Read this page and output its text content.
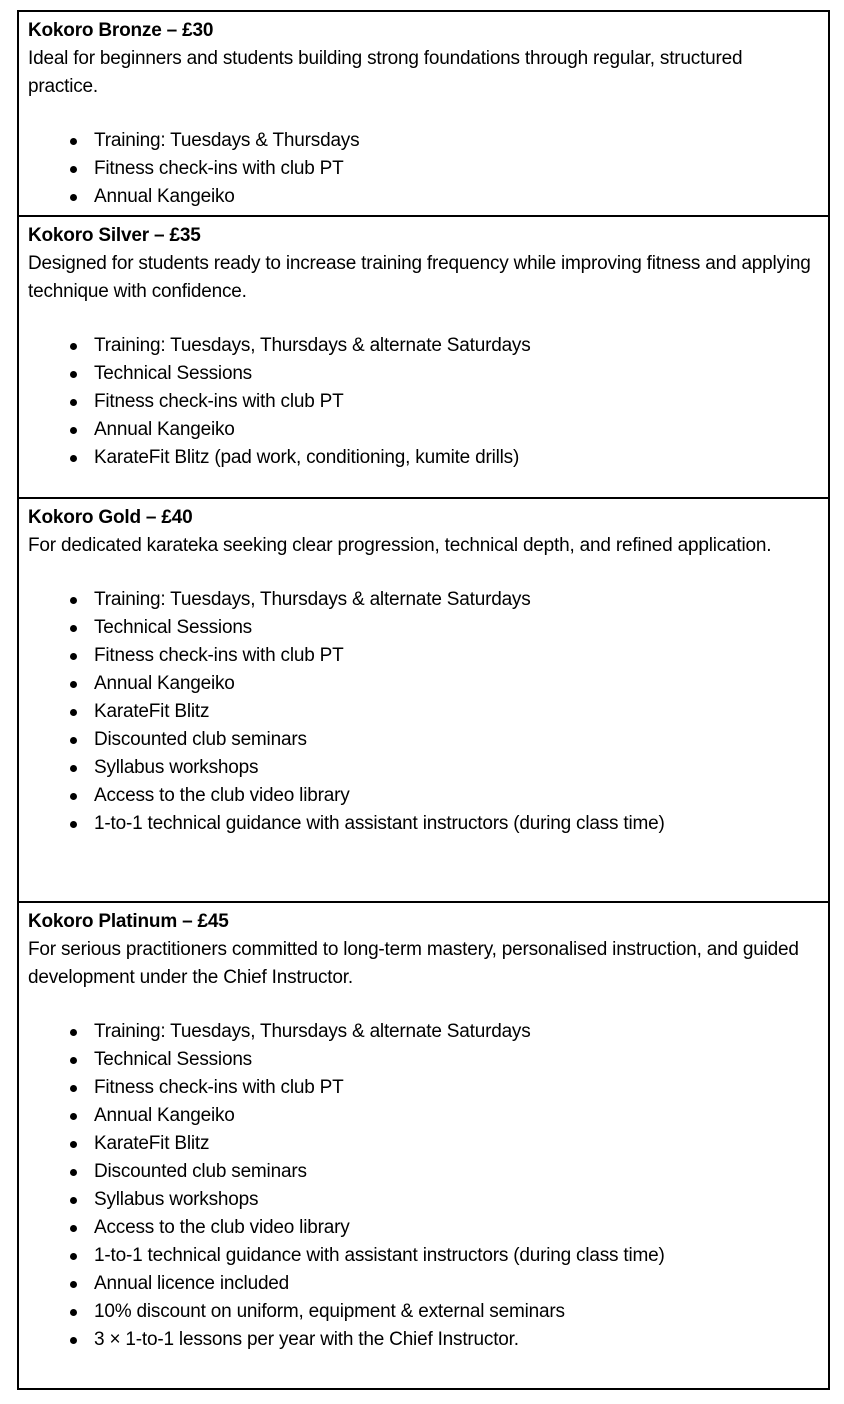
Kokoro Bronze – £30

Ideal for beginners and students building strong foundations through regular, structured practice.

Training: Tuesdays & Thursdays
Fitness check-ins with club PT
Annual Kangeiko
Kokoro Silver – £35

Designed for students ready to increase training frequency while improving fitness and applying technique with confidence.

Training: Tuesdays, Thursdays & alternate Saturdays
Technical Sessions
Fitness check-ins with club PT
Annual Kangeiko
KarateFit Blitz (pad work, conditioning, kumite drills)
Kokoro Gold – £40

For dedicated karateka seeking clear progression, technical depth, and refined application.

Training: Tuesdays, Thursdays & alternate Saturdays
Technical Sessions
Fitness check-ins with club PT
Annual Kangeiko
KarateFit Blitz
Discounted club seminars
Syllabus workshops
Access to the club video library
1-to-1 technical guidance with assistant instructors (during class time)
Kokoro Platinum – £45

For serious practitioners committed to long-term mastery, personalised instruction, and guided development under the Chief Instructor.

Training: Tuesdays, Thursdays & alternate Saturdays
Technical Sessions
Fitness check-ins with club PT
Annual Kangeiko
KarateFit Blitz
Discounted club seminars
Syllabus workshops
Access to the club video library
1-to-1 technical guidance with assistant instructors (during class time)
Annual licence included
10% discount on uniform, equipment & external seminars
3 × 1-to-1 lessons per year with the Chief Instructor.
